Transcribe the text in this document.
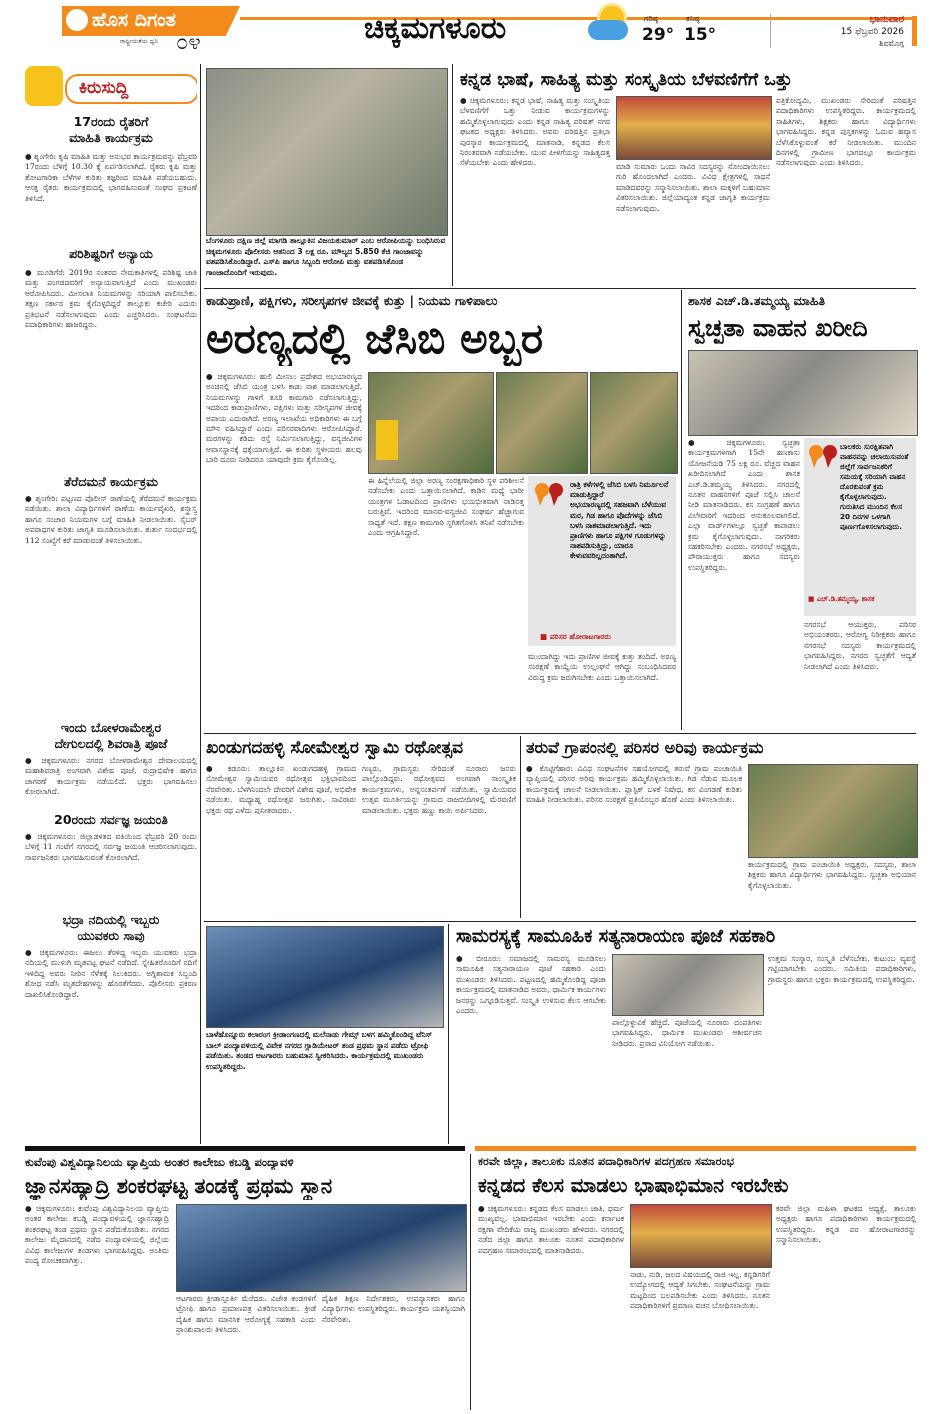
ಹೊಸ ದಿಗಂತ
ರಾಷ್ಟ್ರೀಯತೆಯ ಧ್ವನಿ ೦೪	ಚಿಕ್ಕಮಗಳೂರು	ಗರಿಷ್ಠ
29°
ಕನಿಷ್ಠ
15°
ಭಾನುವಾರ
15 ಫೆಬ್ರವರಿ 2026
ಶಿವಮೊಗ್ಗ
ಕಿರುಸುದ್ದಿ
17ರಂದು ರೈತರಿಗೆ
ಮಾಹಿತಿ ಕಾರ್ಯಕ್ರಮ
● ಶೃಂಗೇರಿ: ಕೃಷಿ ಮಾಹಿತಿ ಮತ್ತು ಅನುಭವ ಕಾರ್ಯಕ್ರಮವನ್ನು ಫೆಬ್ರವರಿ 17ರಂದು ಬೆಳಿಗ್ಗೆ 10.30 ಕ್ಕೆ ಏರ್ಪಡಿಸಲಾಗಿದೆ. ರೈತರು ಕೃಷಿ ಮತ್ತು ತೋಟಗಾರಿಕಾ ಬೆಳೆಗಳ ಕುರಿತು ತಜ್ಞರಿಂದ ಮಾಹಿತಿ ಪಡೆಯಬಹುದು. ಆಸಕ್ತ ರೈತರು ಕಾರ್ಯಕ್ರಮದಲ್ಲಿ ಭಾಗವಹಿಸುವಂತೆ ಸಂಘದ ಪ್ರಕಟಣೆ ತಿಳಿಸಿದೆ.
ಪರಿಶಿಷ್ಟರಿಗೆ ಅನ್ಯಾಯ
● ಮೂಡಿಗೆರೆ: 2019ರ ನಂತರದ ನೇಮಕಾತಿಗಳಲ್ಲಿ ಪರಿಶಿಷ್ಟ ಜಾತಿ ಮತ್ತು ಪಂಗಡದವರಿಗೆ ಅನ್ಯಾಯವಾಗುತ್ತಿದೆ ಎಂದು ಮುಖಂಡರು ಆರೋಪಿಸಿದರು. ಮೀಸಲಾತಿ ನಿಯಮಗಳನ್ನು ಸರಿಯಾಗಿ ಪಾಲಿಸಬೇಕು. ತಕ್ಷಣ ಸರ್ಕಾರ ಕ್ರಮ ಕೈಗೊಳ್ಳದಿದ್ದರೆ ತಾಲ್ಲೂಕು ಕಚೇರಿ ಎದುರು ಪ್ರತಿಭಟನೆ ನಡೆಸಲಾಗುವುದು ಎಂದು ಎಚ್ಚರಿಸಿದರು. ಸಂಘಟನೆಯ ಪದಾಧಿಕಾರಿಗಳು ಹಾಜರಿದ್ದರು.
ತೆರೆದಮನೆ ಕಾರ್ಯಕ್ರಮ
● ಶೃಂಗೇರಿ: ಪಟ್ಟಣದ ಪೊಲೀಸ್ ಠಾಣೆಯಲ್ಲಿ ತೆರೆದಮನೆ ಕಾರ್ಯಕ್ರಮ ನಡೆಯಿತು. ಶಾಲಾ ವಿದ್ಯಾರ್ಥಿಗಳಿಗೆ ಠಾಣೆಯ ಕಾರ್ಯವೈಖರಿ, ಶಸ್ತ್ರಾಸ್ತ್ರ ಹಾಗೂ ಸಂಚಾರ ನಿಯಮಗಳ ಬಗ್ಗೆ ಮಾಹಿತಿ ನೀಡಲಾಯಿತು. ಸೈಬರ್ ಅಪರಾಧಗಳ ಕುರಿತು ಜಾಗೃತಿ ಮೂಡಿಸಲಾಯಿತು. ತುರ್ತು ಸಂದರ್ಭದಲ್ಲಿ 112 ಸಂಖ್ಯೆಗೆ ಕರೆ ಮಾಡುವಂತೆ ತಿಳಿಸಲಾಯಿತು.
ಇಂದು ಬೋಳರಾಮೇಶ್ವರ
ದೇಗುಲದಲ್ಲಿ ಶಿವರಾತ್ರಿ ಪೂಜೆ
● ಚಿಕ್ಕಮಗಳೂರು: ನಗರದ ಬೋಳರಾಮೇಶ್ವರ ದೇವಾಲಯದಲ್ಲಿ ಮಹಾಶಿವರಾತ್ರಿ ಅಂಗವಾಗಿ ವಿಶೇಷ ಪೂಜೆ, ರುದ್ರಾಭಿಷೇಕ ಹಾಗೂ ಜಾಗರಣೆ ಕಾರ್ಯಕ್ರಮ ನಡೆಯಲಿದೆ. ಭಕ್ತರು ಭಾಗವಹಿಸಲು ಕೋರಲಾಗಿದೆ.
20ರಂದು ಸರ್ವಜ್ಞ ಜಯಂತಿ
● ಚಿಕ್ಕಮಗಳೂರು: ಜಿಲ್ಲಾಡಳಿತದ ವತಿಯಿಂದ ಫೆಬ್ರವರಿ 20 ರಂದು ಬೆಳಿಗ್ಗೆ 11 ಗಂಟೆಗೆ ನಗರದಲ್ಲಿ ಸರ್ವಜ್ಞ ಜಯಂತಿ ಆಚರಿಸಲಾಗುವುದು. ಸಾರ್ವಜನಿಕರು ಭಾಗವಹಿಸುವಂತೆ ಕೋರಲಾಗಿದೆ.
ಭದ್ರಾ ನದಿಯಲ್ಲಿ ಇಬ್ಬರು
ಯುವಕರು ಸಾವು
● ಚಿಕ್ಕಮಗಳೂರು: ಈಜಲು ತೆರಳಿದ್ದ ಇಬ್ಬರು ಯುವಕರು ಭದ್ರಾ ನದಿಯಲ್ಲಿ ಮುಳುಗಿ ಮೃತಪಟ್ಟ ಘಟನೆ ನಡೆದಿದೆ. ಸ್ನೇಹಿತರೊಂದಿಗೆ ನದಿಗೆ ಇಳಿದಿದ್ದ ಅವರು ನೀರಿನ ಸೆಳೆತಕ್ಕೆ ಸಿಲುಕಿದರು. ಅಗ್ನಿಶಾಮಕ ಸಿಬ್ಬಂದಿ ಶೋಧ ನಡೆಸಿ ಮೃತದೇಹಗಳನ್ನು ಹೊರತೆಗೆದರು. ಪೊಲೀಸರು ಪ್ರಕರಣ ದಾಖಲಿಸಿಕೊಂಡಿದ್ದಾರೆ.
ಬೆಂಗಳೂರು ದಕ್ಷಿಣ ಜಿಲ್ಲೆ ಮಾಗಡಿ ತಾಲ್ಲೂಕಿನ ವಿಜಯಕುಮಾರ್ ಎಂಬ ಆರೋಪಿಯನ್ನು ಬಂಧಿಸಿರುವ ಚಿಕ್ಕಮಗಳೂರು ಪೊಲೀಸರು ಆತನಿಂದ 3 ಲಕ್ಷ ರೂ. ಮೌಲ್ಯದ 5.850 ಕೆಜಿ ಗಾಂಜಾವನ್ನು ವಶಪಡಿಸಿಕೊಂಡಿದ್ದಾರೆ. ಎಸ್‌ಪಿ ಹಾಗೂ ಸಿಬ್ಬಂದಿ ಆರೋಪಿ ಮತ್ತು ವಶಪಡಿಸಿಕೊಂಡ ಗಾಂಜಾದೊಂದಿಗೆ ಇರುವುದು.
ಕನ್ನಡ ಭಾಷೆ, ಸಾಹಿತ್ಯ ಮತ್ತು ಸಂಸ್ಕೃತಿಯ ಬೆಳವಣಿಗೆಗೆ ಒತ್ತು
● ಚಿಕ್ಕಮಗಳೂರು: ಕನ್ನಡ ಭಾಷೆ, ಸಾಹಿತ್ಯ ಮತ್ತು ಸಂಸ್ಕೃತಿಯ ಬೆಳವಣಿಗೆಗೆ ಒತ್ತು ನೀಡುವ ಕಾರ್ಯಕ್ರಮಗಳನ್ನು ಹಮ್ಮಿಕೊಳ್ಳಲಾಗುವುದು ಎಂದು ಕನ್ನಡ ಸಾಹಿತ್ಯ ಪರಿಷತ್ ನಗರ ಘಟಕದ ಅಧ್ಯಕ್ಷರು ತಿಳಿಸಿದರು. ಅವರು ಪರಿಷತ್ತಿನ ಪ್ರತಿಭಾ ಪುರಸ್ಕಾರ ಕಾರ್ಯಕ್ರಮದಲ್ಲಿ ಮಾತನಾಡಿ, ಕನ್ನಡದ ಕೆಲಸ ನಿರಂತರವಾಗಿ ನಡೆಯಬೇಕು. ಯುವ ಪೀಳಿಗೆಯನ್ನು ಸಾಹಿತ್ಯದತ್ತ ಸೆಳೆಯಬೇಕು ಎಂದು ಹೇಳಿದರು.	ಮಾಡಿ ಸುಮಾರು ಒಂದು ಸಾವಿರ ಸದಸ್ಯರನ್ನು ನೋಂದಾಯಿಸಲು ಗುರಿ ಹೊಂದಲಾಗಿದೆ ಎಂದರು. ವಿವಿಧ ಕ್ಷೇತ್ರಗಳಲ್ಲಿ ಸಾಧನೆ ಮಾಡಿದವರನ್ನು ಸನ್ಮಾನಿಸಲಾಯಿತು. ಶಾಲಾ ಮಕ್ಕಳಿಗೆ ಬಹುಮಾನ ವಿತರಿಸಲಾಯಿತು. ಜಿಲ್ಲೆಯಾದ್ಯಂತ ಕನ್ನಡ ಜಾಗೃತಿ ಕಾರ್ಯಕ್ರಮ ನಡೆಸಲಾಗುವುದು.
ಪತ್ರಿಕೋದ್ಯಮಿ, ಮುಖಂಡರು ಸೇರಿದಂತೆ ಪರಿಷತ್ತಿನ ಪದಾಧಿಕಾರಿಗಳು ಉಪಸ್ಥಿತರಿದ್ದರು. ಕಾರ್ಯಕ್ರಮದಲ್ಲಿ ಸಾಹಿತಿಗಳು, ಶಿಕ್ಷಕರು ಹಾಗೂ ವಿದ್ಯಾರ್ಥಿಗಳು ಭಾಗವಹಿಸಿದ್ದರು. ಕನ್ನಡ ಪುಸ್ತಕಗಳನ್ನು ಓದುವ ಹವ್ಯಾಸ ಬೆಳೆಸಿಕೊಳ್ಳುವಂತೆ ಕರೆ ನೀಡಲಾಯಿತು. ಮುಂದಿನ ದಿನಗಳಲ್ಲಿ ಗ್ರಾಮೀಣ ಭಾಗದಲ್ಲೂ ಕಾರ್ಯಕ್ರಮ ನಡೆಸಲಾಗುವುದು ಎಂದು ತಿಳಿಸಿದರು.
ಕಾಡುಪ್ರಾಣಿ, ಪಕ್ಷಿಗಳು, ಸರೀಸೃಪಗಳ ಜೀವಕ್ಕೆ ಕುತ್ತು | ನಿಯಮ ಗಾಳಿಪಾಲು
ಅರಣ್ಯದಲ್ಲಿ ಜೆಸಿಬಿ ಅಬ್ಬರ
● ಚಿಕ್ಕಮಗಳೂರು: ಹುಲಿ ಮೀಸಲು ಪ್ರದೇಶದ ಅಭಯಾರಣ್ಯದ ಅಂಚಿನಲ್ಲಿ ಜೆಸಿಬಿ ಯಂತ್ರ ಬಳಸಿ ಕಾಡು ನಾಶ ಮಾಡಲಾಗುತ್ತಿದೆ. ನಿಯಮಗಳನ್ನು ಗಾಳಿಗೆ ತೂರಿ ಕಾಮಗಾರಿ ನಡೆಸಲಾಗುತ್ತಿದ್ದು, ಇದರಿಂದ ಕಾಡುಪ್ರಾಣಿಗಳು, ಪಕ್ಷಿಗಳು ಮತ್ತು ಸರೀಸೃಪಗಳ ಜೀವಕ್ಕೆ ಅಪಾಯ ಎದುರಾಗಿದೆ. ಅರಣ್ಯ ಇಲಾಖೆಯ ಅಧಿಕಾರಿಗಳು ಈ ಬಗ್ಗೆ ಮೌನ ವಹಿಸಿದ್ದಾರೆ ಎಂದು ಪರಿಸರವಾದಿಗಳು ಆರೋಪಿಸಿದ್ದಾರೆ. ಮರಗಳನ್ನು ಕಡಿದು ರಸ್ತೆ ನಿರ್ಮಿಸಲಾಗುತ್ತಿದ್ದು, ವನ್ಯಜೀವಿಗಳ ಆವಾಸಸ್ಥಾನಕ್ಕೆ ಧಕ್ಕೆಯಾಗುತ್ತಿದೆ. ಈ ಕುರಿತು ಸ್ಥಳೀಯರು ಹಲವು ಬಾರಿ ದೂರು ನೀಡಿದರೂ ಯಾವುದೇ ಕ್ರಮ ಕೈಗೊಂಡಿಲ್ಲ.
ಈ ಹಿನ್ನೆಲೆಯಲ್ಲಿ ಜಿಲ್ಲಾ ಅರಣ್ಯ ಸಂರಕ್ಷಣಾಧಿಕಾರಿ ಸ್ಥಳ ಪರಿಶೀಲನೆ ನಡೆಸಬೇಕು ಎಂದು ಒತ್ತಾಯಿಸಲಾಗಿದೆ. ಕಾಡಿನ ಮಧ್ಯೆ ಭಾರೀ ಯಂತ್ರಗಳ ಓಡಾಟದಿಂದ ಪ್ರಾಣಿಗಳು ಭಯಭೀತವಾಗಿ ನಾಡಿನತ್ತ ಬರುತ್ತಿವೆ. ಇದರಿಂದ ಮಾನವ-ವನ್ಯಜೀವಿ ಸಂಘರ್ಷ ಹೆಚ್ಚಾಗುವ ಸಾಧ್ಯತೆ ಇದೆ. ತಕ್ಷಣ ಕಾಮಗಾರಿ ಸ್ಥಗಿತಗೊಳಿಸಿ ತನಿಖೆ ನಡೆಸಬೇಕು ಎಂದು ಆಗ್ರಹಿಸಿದ್ದಾರೆ.
ರಾತ್ರಿ ಕಳೆಗಳಲ್ಲಿ ಜೆಸಿಬಿ ಬಳಸಿ ನಿರ್ಮೂಲನೆ ಮಾಡುತ್ತಿದ್ದಾರೆ
ಅಭಯಾರಣ್ಯದಲ್ಲಿ ಸಹಜವಾಗಿ ಬೆಳೆಯುವ ಮರ, ಗಿಡ ಹಾಗೂ ಪೊದೆಗಳನ್ನು ಜೆಸಿಬಿ ಬಳಸಿ ನಾಶಮಾಡಲಾಗುತ್ತಿದೆ. ಇದು ಪ್ರಾಣಿಗಳು ಹಾಗೂ ಪಕ್ಷಿಗಳ ಗೂಡುಗಳನ್ನು ನಾಶಪಡಿಸುತ್ತಿದ್ದು, ಯಾರೂ ಕೇಳುವವರಿಲ್ಲದಂತಾಗಿದೆ.
■ ಪರಿಸರ ಹೋರಾಟಗಾರರು
ಮುಂದಾಗಿದ್ದು ಇದು ಪ್ರಾಣಿಗಳ ಜೀವಕ್ಕೆ ಕುತ್ತು ತಂದಿದೆ. ಅರಣ್ಯ ಸಂರಕ್ಷಣೆ ಕಾಯ್ದೆಯ ಉಲ್ಲಂಘನೆ ಆಗಿದ್ದು ಸಂಬಂಧಿಸಿದವರ ವಿರುದ್ಧ ಕ್ರಮ ಜರುಗಿಸಬೇಕು ಎಂದು ಒತ್ತಾಯಿಸಲಾಗಿದೆ.
ಶಾಸಕ ಎಚ್.ಡಿ.ತಮ್ಮಯ್ಯ ಮಾಹಿತಿ
ಸ್ವಚ್ಛತಾ ವಾಹನ ಖರೀದಿ
● ಚಿಕ್ಕಮಗಳೂರು: ಸ್ವಚ್ಛತಾ ಕಾರ್ಯಕ್ರಮಗಳಿಗಾಗಿ 15ನೇ ಹಣಕಾಸು ಯೋಜನೆಯಡಿ 75 ಲಕ್ಷ ರೂ. ವೆಚ್ಚದ ವಾಹನ ಖರೀದಿಸಲಾಗಿದೆ ಎಂದು ಶಾಸಕ ಎಚ್.ಡಿ.ತಮ್ಮಯ್ಯ ತಿಳಿಸಿದರು. ನಗರದಲ್ಲಿ ನೂತನ ವಾಹನಗಳಿಗೆ ಪೂಜೆ ಸಲ್ಲಿಸಿ ಚಾಲನೆ ನೀಡಿ ಮಾತನಾಡಿದರು. ಕಸ ಸಂಗ್ರಹಣೆ ಹಾಗೂ ವಿಲೇವಾರಿಗೆ ಇದರಿಂದ ಅನುಕೂಲವಾಗಲಿದೆ. ಎಲ್ಲಾ ವಾರ್ಡ್‌ಗಳಲ್ಲೂ ಸ್ವಚ್ಛತೆ ಕಾಪಾಡಲು ಕ್ರಮ ಕೈಗೊಳ್ಳಲಾಗುವುದು. ನಾಗರಿಕರು ಸಹಕರಿಸಬೇಕು ಎಂದರು. ನಗರಸಭೆ ಅಧ್ಯಕ್ಷರು, ಪೌರಾಯುಕ್ತರು ಹಾಗೂ ಸದಸ್ಯರು ಉಪಸ್ಥಿತರಿದ್ದರು.
ಬಾಲಕರು ಸುರಕ್ಷಿತವಾಗಿ ವಾಹನವನ್ನು ಚಲಾಯಿಸುವಂತೆ ಜಿಲ್ಲೆಗೆ ಸಾರ್ವಜನಿಕರಿಗೆ ಸಮಯಕ್ಕೆ ಸರಿಯಾಗಿ ವಾಹನ ದೊರಕುವಂತೆ ಕ್ರಮ ಕೈಗೊಳ್ಳಲಾಗುವುದು. ಗುರುತಿಸಿದ ಮುಂದಿನ ಕೆಲಸ 20 ದಿನಗಳ ಒಳಗಾಗಿ ಪೂರ್ಣಗೊಳಿಸಲಾಗುವುದು.
■ ಎಚ್.ಡಿ.ತಮ್ಮಯ್ಯ, ಶಾಸಕ
ನಗರಸಭೆ ಆಯುಕ್ತರು, ಪರಿಸರ ಅಭಿಯಂತರರು, ಆರೋಗ್ಯ ನಿರೀಕ್ಷಕರು ಹಾಗೂ ನಗರಸಭೆ ಸದಸ್ಯರು ಕಾರ್ಯಕ್ರಮದಲ್ಲಿ ಭಾಗವಹಿಸಿದ್ದರು. ನಗರದ ಸ್ವಚ್ಛತೆಗೆ ಆದ್ಯತೆ ನೀಡಲಾಗಿದೆ ಎಂದು ತಿಳಿಸಿದರು.
ಖಂಡುಗದಹಳ್ಳಿ ಸೋಮೇಶ್ವರ ಸ್ವಾಮಿ ರಥೋತ್ಸವ
● ಕಡೂರು: ತಾಲ್ಲೂಕಿನ ಖಂಡುಗದಹಳ್ಳಿ ಗ್ರಾಮದ ಸೋಮೇಶ್ವರ ಸ್ವಾಮಿಯವರ ರಥೋತ್ಸವ ಭಕ್ತಿಭಾವದಿಂದ ನೆರವೇರಿತು. ಬೆಳಗಿನಿಂದಲೇ ದೇವರಿಗೆ ವಿಶೇಷ ಪೂಜೆ, ಅಭಿಷೇಕ ನಡೆಯಿತು. ಮಧ್ಯಾಹ್ನ ರಥೋತ್ಸವ ಜರುಗಿತು. ಸಾವಿರಾರು ಭಕ್ತರು ರಥ ಎಳೆದು ಪುನೀತರಾದರು.
ಗಣ್ಯರು, ಗ್ರಾಮಸ್ಥರು ಸೇರಿದಂತೆ ನೂರಾರು ಜನರು ಪಾಲ್ಗೊಂಡಿದ್ದರು. ರಥೋತ್ಸವದ ಅಂಗವಾಗಿ ಸಾಂಸ್ಕೃತಿಕ ಕಾರ್ಯಕ್ರಮಗಳು, ಅನ್ನಸಂತರ್ಪಣೆ ನಡೆಯಿತು. ಸ್ವಾಮಿಯವರ ಉತ್ಸವ ಮೂರ್ತಿಯನ್ನು ಗ್ರಾಮದ ರಾಜಬೀದಿಗಳಲ್ಲಿ ಮೆರವಣಿಗೆ ಮಾಡಲಾಯಿತು. ಭಕ್ತರು ಹಣ್ಣು ಕಾಯಿ ಅರ್ಪಿಸಿದರು.
ತರುವೆ ಗ್ರಾಪಂನಲ್ಲಿ ಪರಿಸರ ಅರಿವು ಕಾರ್ಯಕ್ರಮ
● ಕೊಟ್ಟಿಗೆಹಾರ: ವಿವಿಧ ಸಂಘಟನೆಗಳ ಸಹಯೋಗದಲ್ಲಿ ತರುವೆ ಗ್ರಾಮ ಪಂಚಾಯಿತಿ ವ್ಯಾಪ್ತಿಯಲ್ಲಿ ಪರಿಸರ ಅರಿವು ಕಾರ್ಯಕ್ರಮ ಹಮ್ಮಿಕೊಳ್ಳಲಾಯಿತು. ಗಿಡ ನೆಡುವ ಮೂಲಕ ಕಾರ್ಯಕ್ರಮಕ್ಕೆ ಚಾಲನೆ ನೀಡಲಾಯಿತು. ಪ್ಲಾಸ್ಟಿಕ್ ಬಳಕೆ ನಿಷೇಧ, ಕಸ ವಿಂಗಡಣೆ ಕುರಿತು ಮಾಹಿತಿ ನೀಡಲಾಯಿತು. ಪರಿಸರ ಸಂರಕ್ಷಣೆ ಪ್ರತಿಯೊಬ್ಬರ ಹೊಣೆ ಎಂದು ತಿಳಿಸಲಾಯಿತು.
ಕಾರ್ಯಕ್ರಮದಲ್ಲಿ ಗ್ರಾಮ ಪಂಚಾಯಿತಿ ಅಧ್ಯಕ್ಷರು, ಸದಸ್ಯರು, ಶಾಲಾ ಶಿಕ್ಷಕರು ಹಾಗೂ ವಿದ್ಯಾರ್ಥಿಗಳು ಭಾಗವಹಿಸಿದ್ದರು. ಸ್ವಚ್ಛತಾ ಅಭಿಯಾನ ಕೈಗೊಳ್ಳಲಾಯಿತು.
ಬಾಳೆಹೊನ್ನೂರು ಕಲಾರಂಗ ಕ್ರೀಡಾಂಗಣದಲ್ಲಿ ಮಲೆನಾಡು ಗೇಮ್ಸ್ ಬಳಗ ಹಮ್ಮಿಕೊಂಡಿದ್ದ ಟೆನಿಸ್ ಬಾಲ್ ಪಂದ್ಯಾವಳಿಯಲ್ಲಿ ವಿವೇಕ ನಗರದ ಗ್ಲಾಡಿಯೇಟರ್ ತಂಡ ಪ್ರಥಮ ಸ್ಥಾನ ಪಡೆದು ಟ್ರೋಫಿ ಪಡೆಯಿತು. ತಂಡದ ಆಟಗಾರರು ಬಹುಮಾನ ಸ್ವೀಕರಿಸಿದರು. ಕಾರ್ಯಕ್ರಮದಲ್ಲಿ ಮುಖಂಡರು ಉಪಸ್ಥಿತರಿದ್ದರು.
ಸಾಮರಸ್ಯಕ್ಕೆ ಸಾಮೂಹಿಕ ಸತ್ಯನಾರಾಯಣ ಪೂಜೆ ಸಹಕಾರಿ
● ಬೀರೂರು: ಸಮಾಜದಲ್ಲಿ ಸಾಮರಸ್ಯ ಮೂಡಿಸಲು ಸಾಮೂಹಿಕ ಸತ್ಯನಾರಾಯಣ ಪೂಜೆ ಸಹಕಾರಿ ಎಂದು ಮುಖಂಡರು ತಿಳಿಸಿದರು. ಪಟ್ಟಣದಲ್ಲಿ ಹಮ್ಮಿಕೊಂಡಿದ್ದ ಪೂಜಾ ಕಾರ್ಯಕ್ರಮದಲ್ಲಿ ಮಾತನಾಡಿದ ಅವರು, ಧಾರ್ಮಿಕ ಕಾರ್ಯಗಳು ಜನರನ್ನು ಒಗ್ಗೂಡಿಸುತ್ತವೆ. ಸಂಸ್ಕೃತಿ ಉಳಿಸುವ ಕೆಲಸ ಆಗಬೇಕು ಎಂದರು.
ಪಾಲ್ಗೊಳ್ಳುವಿಕೆ ಹೆಚ್ಚಿದೆ. ಪೂಜೆಯಲ್ಲಿ ನೂರಾರು ದಂಪತಿಗಳು ಭಾಗವಹಿಸಿದ್ದರು. ಧಾರ್ಮಿಕ ಮುಖಂಡರು ಆಶೀರ್ವಚನ ನೀಡಿದರು. ಪ್ರಸಾದ ವಿನಿಯೋಗ ನಡೆಯಿತು.
ಉತ್ತಮ ಸಂಸ್ಕಾರ, ಸಂಸ್ಕೃತಿ ಬೆಳೆಸಬೇಕು. ಕುಟುಂಬ ವ್ಯವಸ್ಥೆ ಗಟ್ಟಿಯಾಗಬೇಕು ಎಂದರು. ಸಮಿತಿಯ ಪದಾಧಿಕಾರಿಗಳು, ಗ್ರಾಮಸ್ಥರು ಹಾಗೂ ಭಕ್ತರು ಕಾರ್ಯಕ್ರಮದಲ್ಲಿ ಉಪಸ್ಥಿತರಿದ್ದರು.
ಕುವೆಂಪು ವಿಶ್ವವಿದ್ಯಾನಿಲಯ ವ್ಯಾಪ್ತಿಯ ಅಂತರ ಕಾಲೇಜು ಕಬಡ್ಡಿ ಪಂದ್ಯಾವಳಿ
ಜ್ಞಾನಸಹ್ಯಾದ್ರಿ ಶಂಕರಘಟ್ಟ ತಂಡಕ್ಕೆ ಪ್ರಥಮ ಸ್ಥಾನ
● ಚಿಕ್ಕಮಗಳೂರು: ಕುವೆಂಪು ವಿಶ್ವವಿದ್ಯಾನಿಲಯ ವ್ಯಾಪ್ತಿಯ ಅಂತರ ಕಾಲೇಜು ಕಬಡ್ಡಿ ಪಂದ್ಯಾವಳಿಯಲ್ಲಿ ಜ್ಞಾನಸಹ್ಯಾದ್ರಿ ಶಂಕರಘಟ್ಟ ತಂಡ ಪ್ರಥಮ ಸ್ಥಾನ ಪಡೆದುಕೊಂಡಿತು. ನಗರದ ಕಾಲೇಜು ಮೈದಾನದಲ್ಲಿ ನಡೆದ ಪಂದ್ಯಾವಳಿಯಲ್ಲಿ ಜಿಲ್ಲೆಯ ವಿವಿಧ ಕಾಲೇಜುಗಳ ತಂಡಗಳು ಭಾಗವಹಿಸಿದ್ದವು. ಅಂತಿಮ ಪಂದ್ಯ ರೋಚಕವಾಗಿತ್ತು.
ಆಟಗಾರರು ಕ್ರೀಡಾಸ್ಫೂರ್ತಿ ಮೆರೆದರು. ವಿಜೇತ ತಂಡಗಳಿಗೆ ಟ್ರೋಫಿ ಹಾಗೂ ಪ್ರಮಾಣಪತ್ರ ವಿತರಿಸಲಾಯಿತು. ಕ್ರೀಡೆ ದೈಹಿಕ ಹಾಗೂ ಮಾನಸಿಕ ಆರೋಗ್ಯಕ್ಕೆ ಸಹಕಾರಿ ಎಂದು ಪ್ರಾಂಶುಪಾಲರು ತಿಳಿಸಿದರು.
ದೈಹಿಕ ಶಿಕ್ಷಣ ನಿರ್ದೇಶಕರು, ಉಪನ್ಯಾಸಕರು ಹಾಗೂ ವಿದ್ಯಾರ್ಥಿಗಳು ಉಪಸ್ಥಿತರಿದ್ದರು. ಕಾರ್ಯಕ್ರಮ ಯಶಸ್ವಿಯಾಗಿ ನೆರವೇರಿತು.
ಕರವೇ ಜಿಲ್ಲಾ, ತಾಲೂಕು ನೂತನ ಪದಾಧಿಕಾರಿಗಳ ಪದಗ್ರಹಣ ಸಮಾರಂಭ
ಕನ್ನಡದ ಕೆಲಸ ಮಾಡಲು ಭಾಷಾಭಿಮಾನ ಇರಬೇಕು
● ಚಿಕ್ಕಮಗಳೂರು: ಕನ್ನಡದ ಕೆಲಸ ಮಾಡಲು ಜಾತಿ, ಧರ್ಮ ಮುಖ್ಯವಲ್ಲ. ಭಾಷಾಭಿಮಾನ ಇರಬೇಕು ಎಂದು ಕರ್ನಾಟಕ ರಕ್ಷಣಾ ವೇದಿಕೆಯ ರಾಜ್ಯ ಮುಖಂಡರು ಹೇಳಿದರು. ನಗರದಲ್ಲಿ ನಡೆದ ಜಿಲ್ಲಾ ಹಾಗೂ ತಾಲೂಕು ನೂತನ ಪದಾಧಿಕಾರಿಗಳ ಪದಗ್ರಹಣ ಸಮಾರಂಭದಲ್ಲಿ ಮಾತನಾಡಿದರು.
ನಾಡು, ನುಡಿ, ಜಲದ ವಿಷಯದಲ್ಲಿ ರಾಜಿ ಇಲ್ಲ. ಕನ್ನಡಿಗರಿಗೆ ಉದ್ಯೋಗದಲ್ಲಿ ಆದ್ಯತೆ ಸಿಗಬೇಕು. ಸಂಘಟನೆಯನ್ನು ಗ್ರಾಮ ಮಟ್ಟದಿಂದ ಬಲಪಡಿಸಬೇಕು ಎಂದು ತಿಳಿಸಿದರು. ನೂತನ ಪದಾಧಿಕಾರಿಗಳಿಗೆ ಪ್ರಮಾಣ ವಚನ ಬೋಧಿಸಲಾಯಿತು.
ಕರವೇ ಜಿಲ್ಲಾ ಮಹಿಳಾ ಘಟಕದ ಅಧ್ಯಕ್ಷೆ, ತಾಲೂಕು ಅಧ್ಯಕ್ಷರು ಹಾಗೂ ಪದಾಧಿಕಾರಿಗಳು ಕಾರ್ಯಕ್ರಮದಲ್ಲಿ ಉಪಸ್ಥಿತರಿದ್ದರು. ಕನ್ನಡ ಪರ ಹೋರಾಟಗಾರರನ್ನು ಸನ್ಮಾನಿಸಲಾಯಿತು.
